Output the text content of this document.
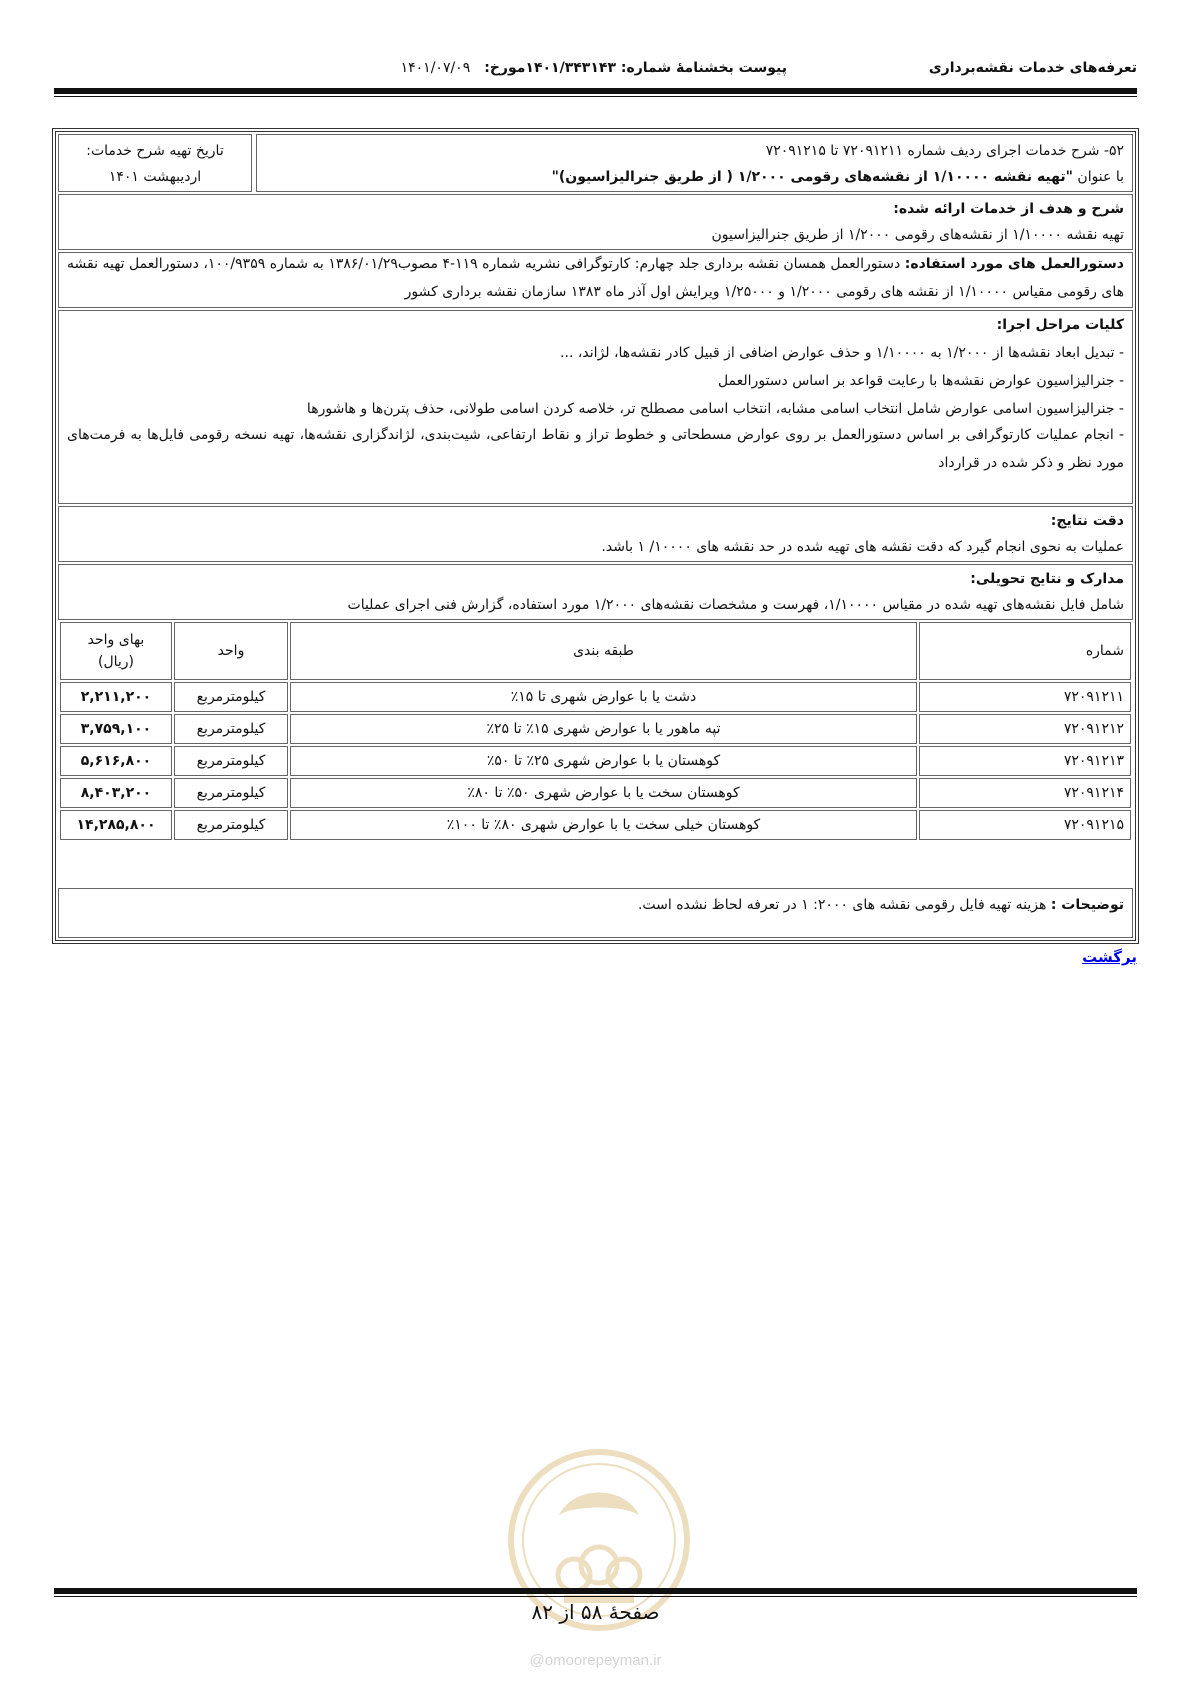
تعرفه‌های خدمات نقشه‌برداری
پیوست بخشنامۀ شماره: ۱۴۰۱/۳۴۳۱۴۳مورخ:۱۴۰۱/۰۷/۰۹
۵۲- شرح خدمات اجرای ردیف شماره ۷۲۰۹۱۲۱۱ تا ۷۲۰۹۱۲۱۵
با عنوان "تهیه نقشه ۱/۱۰۰۰۰ از نقشه‌های رقومی ۱/۲۰۰۰ ( از طریق جنرالیزاسیون)"
تاریخ تهیه شرح خدمات:
اردیبهشت ۱۴۰۱
شرح و هدف از خدمات ارائه شده:
تهیه نقشه ۱/۱۰۰۰۰ از نقشه‌های رقومی ۱/۲۰۰۰ از طریق جنرالیزاسیون
دستورالعمل های مورد استفاده: دستورالعمل همسان نقشه برداری جلد چهارم: کارتوگرافی نشریه شماره ۱۱۹-۴ مصوب۱۳۸۶/۰۱/۲۹ به شماره ۱۰۰/۹۳۵۹، دستورالعمل تهیه نقشه های رقومی مقیاس ۱/۱۰۰۰۰ از نقشه های رقومی ۱/۲۰۰۰ و ۱/۲۵۰۰۰ ویرایش اول آذر ماه ۱۳۸۳ سازمان نقشه برداری کشور
کلیات مراحل اجرا:
- تبدیل ابعاد نقشه‌ها از ۱/۲۰۰۰ به ۱/۱۰۰۰۰ و حذف عوارض اضافی از قبیل کادر نقشه‌ها، لژاند، ...
- جنرالیزاسیون عوارض نقشه‌ها با رعایت قواعد بر اساس دستورالعمل
- جنرالیزاسیون اسامی عوارض شامل انتخاب اسامی مشابه، انتخاب اسامی مصطلح تر، خلاصه کردن اسامی طولانی، حذف پترن‌ها و هاشورها
- انجام عملیات کارتوگرافی بر اساس دستورالعمل بر روی عوارض مسطحاتی و خطوط تراز و نقاط ارتفاعی، شیت‌بندی، لژاندگزاری نقشه‌ها، تهیه نسخه رقومی فایل‌ها به فرمت‌های مورد نظر و ذکر شده در قرارداد
دقت نتایج:
عملیات به نحوی انجام گیرد که دقت نقشه های تهیه شده در حد نقشه های ۱۰۰۰۰/ ۱ باشد.
مدارک و نتایج تحویلی:
شامل فایل نقشه‌های تهیه شده در مقیاس ۱/۱۰۰۰۰، فهرست و مشخصات نقشه‌های ۱/۲۰۰۰ مورد استفاده، گزارش فنی اجرای عملیات
شماره	طبقه بندی	واحد	بهای واحد
(ریال)

۷۲۰۹۱۲۱۱	دشت یا با عوارض شهری تا ۱۵٪	کیلومترمربع	۲,۲۱۱,۲۰۰
۷۲۰۹۱۲۱۲	تپه ماهور یا با عوارض شهری ۱۵٪ تا ۲۵٪	کیلومترمربع	۳,۷۵۹,۱۰۰
۷۲۰۹۱۲۱۳	کوهستان یا با عوارض شهری ۲۵٪ تا ۵۰٪	کیلومترمربع	۵,۶۱۶,۸۰۰
۷۲۰۹۱۲۱۴	کوهستان سخت یا با عوارض شهری ۵۰٪ تا ۸۰٪	کیلومترمربع	۸,۴۰۳,۲۰۰
۷۲۰۹۱۲۱۵	کوهستان خیلی سخت یا با عوارض شهری ۸۰٪ تا ۱۰۰٪	کیلومترمربع	۱۴,۲۸۵,۸۰۰
توضیحات : هزینه تهیه فایل رقومی نقشه های ۲۰۰۰: ۱ در تعرفه لحاظ نشده است.
برگشت
صفحۀ ۵۸ از ۸۲
@omoorepeyman.ir
